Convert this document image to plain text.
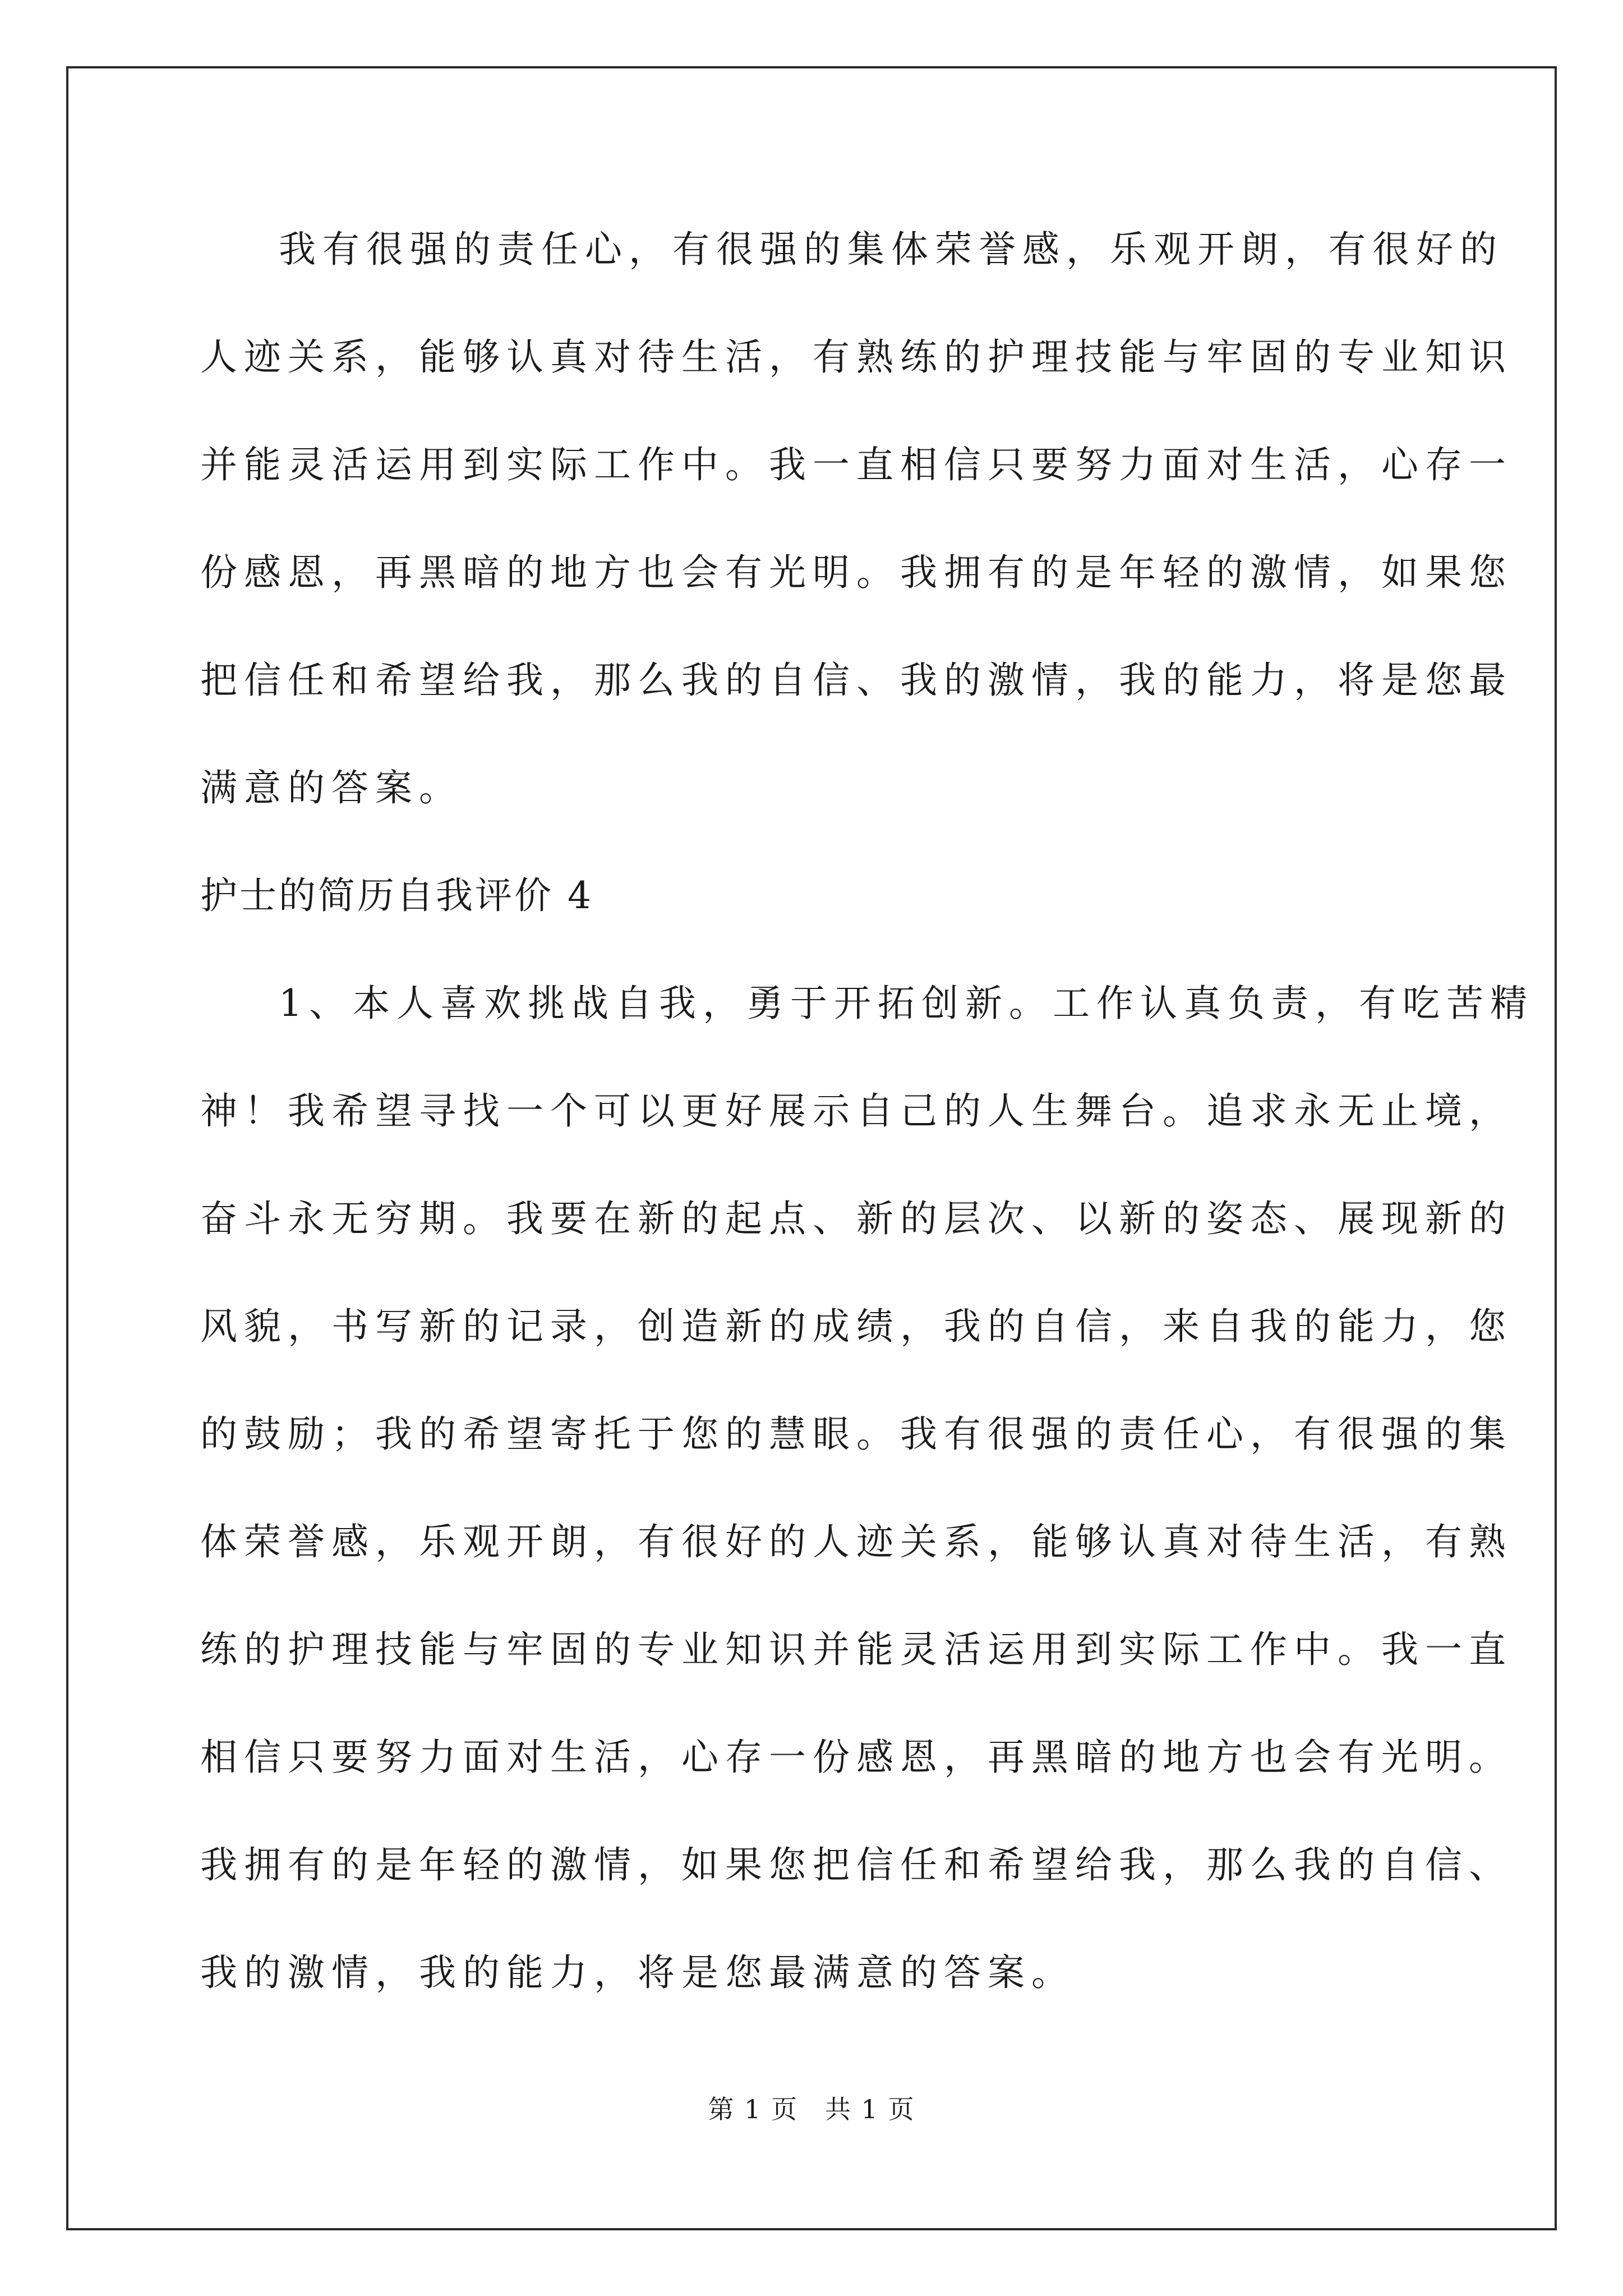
我有很强的责任心，有很强的集体荣誉感，乐观开朗，有很好的
人迹关系，能够认真对待生活，有熟练的护理技能与牢固的专业知识
并能灵活运用到实际工作中。我一直相信只要努力面对生活，心存一
份感恩，再黑暗的地方也会有光明。我拥有的是年轻的激情，如果您
把信任和希望给我，那么我的自信、我的激情，我的能力，将是您最
满意的答案。
护士的简历自我评价 4
1、本人喜欢挑战自我，勇于开拓创新。工作认真负责，有吃苦精
神！我希望寻找一个可以更好展示自己的人生舞台。追求永无止境，
奋斗永无穷期。我要在新的起点、新的层次、以新的姿态、展现新的
风貌，书写新的记录，创造新的成绩，我的自信，来自我的能力，您
的鼓励；我的希望寄托于您的慧眼。我有很强的责任心，有很强的集
体荣誉感，乐观开朗，有很好的人迹关系，能够认真对待生活，有熟
练的护理技能与牢固的专业知识并能灵活运用到实际工作中。我一直
相信只要努力面对生活，心存一份感恩，再黑暗的地方也会有光明。
我拥有的是年轻的激情，如果您把信任和希望给我，那么我的自信、
我的激情，我的能力，将是您最满意的答案。
第 1 页　共 1 页
